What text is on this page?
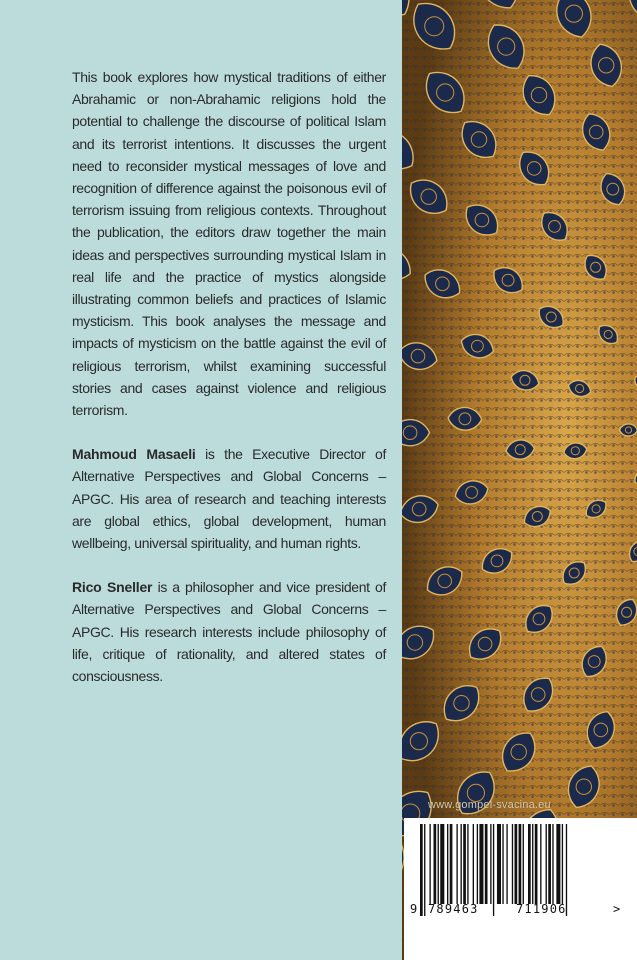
This book explores how mystical traditions of either Abrahamic or non-Abrahamic religions hold the potential to challenge the discourse of political Islam and its terrorist intentions. It discusses the urgent need to reconsider mystical messages of love and recognition of difference against the poisonous evil of terrorism issuing from religious contexts. Throughout the publication, the editors draw together the main ideas and perspectives surrounding mystical Islam in real life and the practice of mystics alongside illustrating common beliefs and practices of Islamic mysticism. This book analyses the message and impacts of mysticism on the battle against the evil of religious terrorism, whilst examining successful stories and cases against violence and religious terrorism.

Mahmoud Masaeli is the Executive Director of Alternative Perspectives and Global Concerns – APGC. His area of research and teaching interests are global ethics, global development, human wellbeing, universal spirituality, and human rights.

Rico Sneller is a philosopher and vice president of Alternative Perspectives and Global Concerns – APGC. His research interests include philosophy of life, critique of rationality, and altered states of consciousness.

www.gompel-svacina.eu
9 789463	711906	>
